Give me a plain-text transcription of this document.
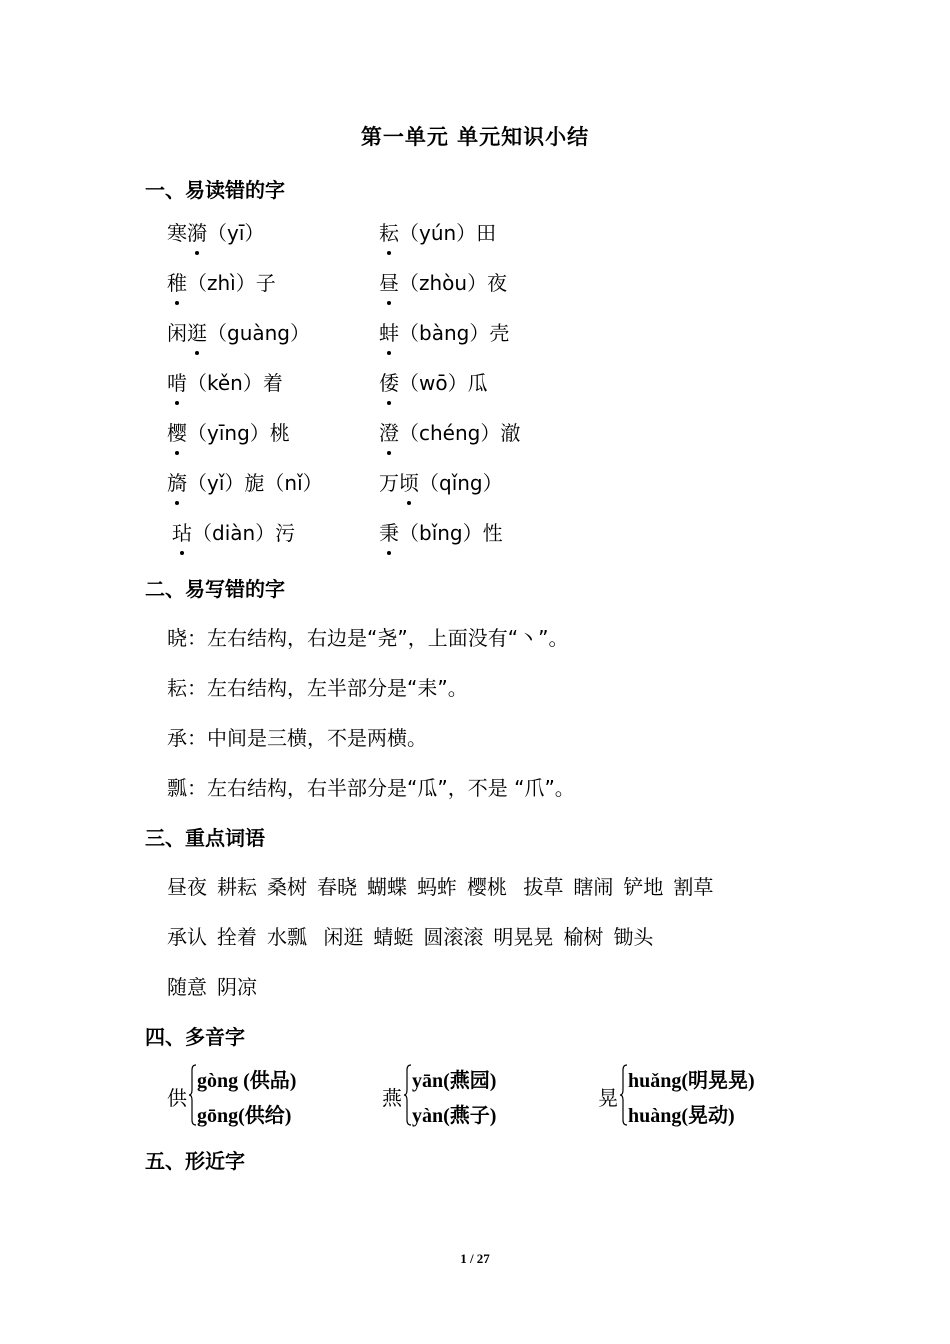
第一单元 单元知识小结
一、易读错的字
寒漪
（yī）
稚
（zhì）子
闲逛
（guàng）
啃
（kěn）着
樱
（yīng）桃
旖
（yǐ）旎（nǐ）
玷
（diàn）污
耘
（yún）田
昼
（zhòu）夜
蚌
（bàng）壳
倭
（wō）瓜
澄
（chéng）澈
万顷
（qǐng）
秉
（bǐng）性
二、易写错的字
晓：左右结构，右边是“尧”，上面没有“丶”。
耘：左右结构，左半部分是“耒”。
承：中间是三横，不是两横。
瓢：左右结构，右半部分是“瓜”，不是 “爪”。
三、重点词语
昼夜 耕耘 桑树 春晓 蝴蝶 蚂蚱 樱桃 拔草 瞎闹 铲地 割草
承认 拴着 水瓢 闲逛 蜻蜓 圆滚滚 明晃晃 榆树 锄头
随意 阴凉
四、多音字
供
gòng (供品)
gōng(供给)
燕
yān(燕园)
yàn(燕子)
晃
huǎng(明晃晃)
huàng(晃动)
五、形近字
1 / 27
